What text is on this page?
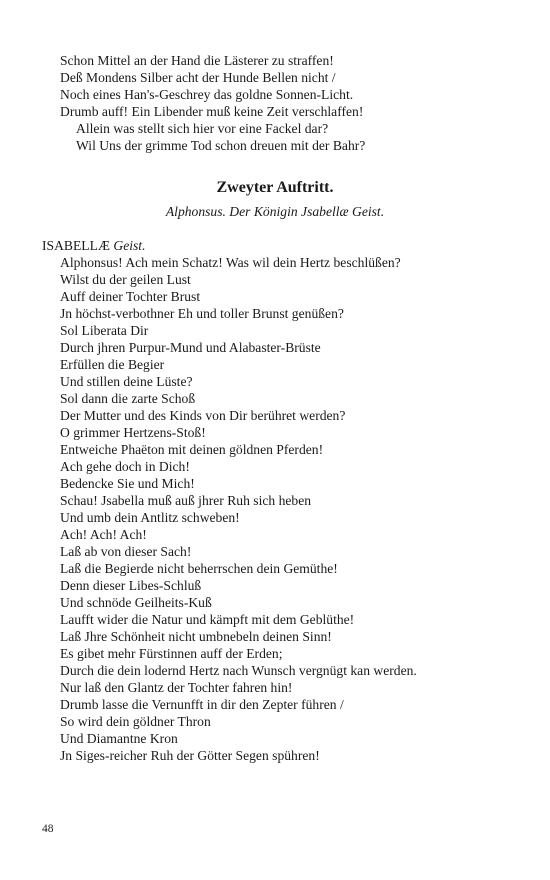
Schon Mittel an der Hand die Lästerer zu straffen!
Deß Mondens Silber acht der Hunde Bellen nicht /
Noch eines Han's-Geschrey das goldne Sonnen-Licht.
Drumb auff! Ein Libender muß keine Zeit verschlaffen!
Allein was stellt sich hier vor eine Fackel dar?
Wil Uns der grimme Tod schon dreuen mit der Bahr?
Zweyter Auftritt.
Alphonsus. Der Königin Jsabellæ Geist.
ISABELLÆ Geist.
Alphonsus! Ach mein Schatz! Was wil dein Hertz beschlüßen?
Wilst du der geilen Lust
Auff deiner Tochter Brust
Jn höchst-verbothner Eh und toller Brunst genüßen?
Sol Liberata Dir
Durch jhren Purpur-Mund und Alabaster-Brüste
Erfüllen die Begier
Und stillen deine Lüste?
Sol dann die zarte Schoß
Der Mutter und des Kinds von Dir berühret werden?
O grimmer Hertzens-Stoß!
Entweiche Phaëton mit deinen göldnen Pferden!
Ach gehe doch in Dich!
Bedencke Sie und Mich!
Schau! Jsabella muß auß jhrer Ruh sich heben
Und umb dein Antlitz schweben!
Ach! Ach! Ach!
Laß ab von dieser Sach!
Laß die Begierde nicht beherrschen dein Gemüthe!
Denn dieser Libes-Schluß
Und schnöde Geilheits-Kuß
Laufft wider die Natur und kämpft mit dem Geblüthe!
Laß Jhre Schönheit nicht umbnebeln deinen Sinn!
Es gibet mehr Fürstinnen auff der Erden;
Durch die dein lodernd Hertz nach Wunsch vergnügt kan werden.
Nur laß den Glantz der Tochter fahren hin!
Drumb lasse die Vernunfft in dir den Zepter führen /
So wird dein göldner Thron
Und Diamantne Kron
Jn Siges-reicher Ruh der Götter Segen spühren!
48
